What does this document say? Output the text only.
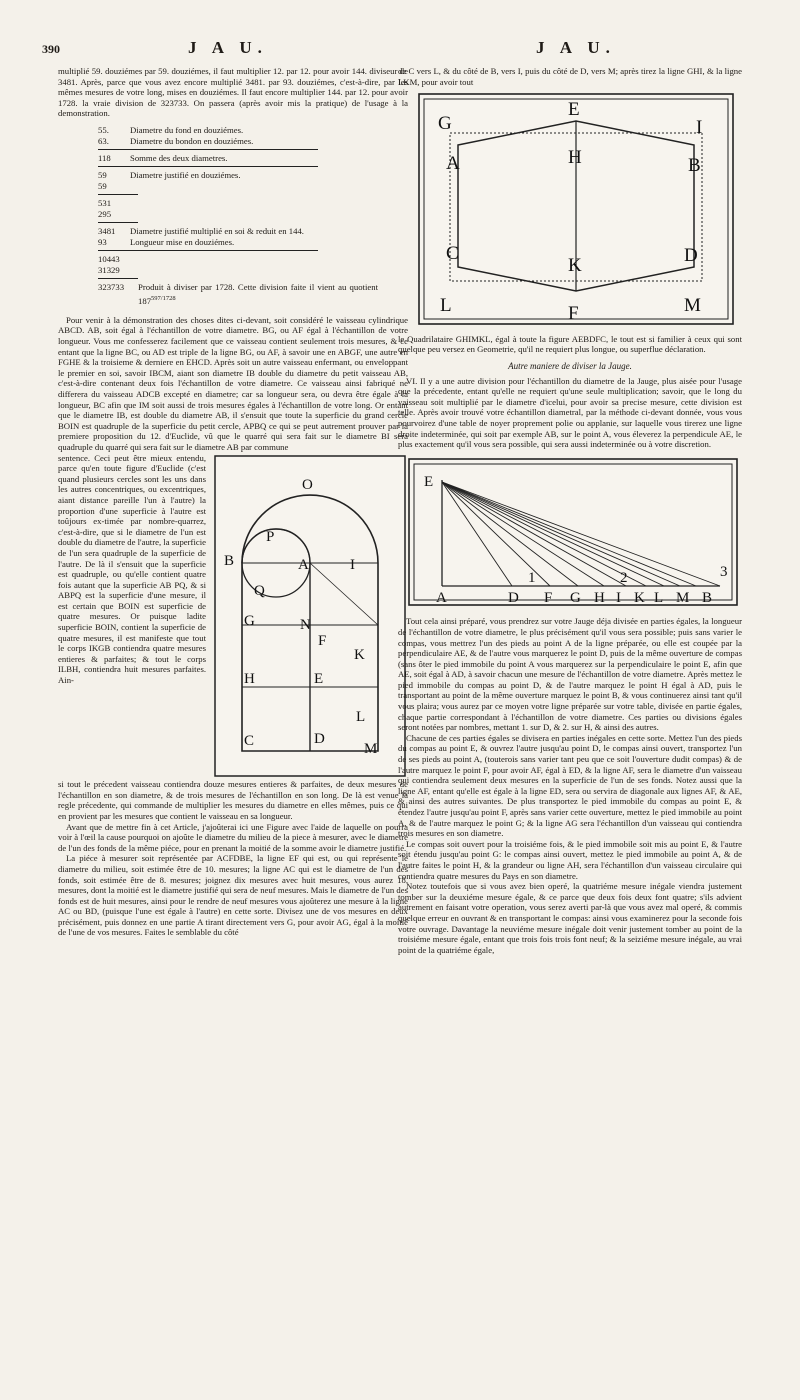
390	J A U.	J A U.

multiplié 59. douziémes par 59. douziémes, il faut multiplier 12. par 12. pour avoir 144. diviseur de 3481. Après, parce que vous avez encore multiplié 3481. par 93. douziémes, c'est-à-dire, par les mêmes mesures de votre long, mises en douziémes. Il faut encore multiplier 144. par 12. pour avoir 1728. la vraie division de 323733. On passera (après avoir mis la pratique) de l'usage à la demonstration.

55.	Diametre du fond en douziémes.
63.	Diametre du bondon en douziémes.
118	Somme des deux diametres.
59	Diametre justifié en douziémes.
59
531
295
3481	Diametre justifié multiplié en soi & reduit en 144.
93	Longueur mise en douziémes.
10443
31329
323733	Produit à diviser par 1728. Cette division faite il vient au quotient $187^{597/1728}$

Pour venir à la démonstration des choses dites ci-devant, soit considéré le vaisseau cylindrique ABCD. AB, soit égal à l'échantillon de votre diametre. BG, ou AF égal à l'échantillon de votre longueur. Vous me confesserez facilement que ce vaisseau contient seulement trois mesures, & ce entant que la ligne BC, ou AD est triple de la ligne BG, ou AF, à savoir une en ABGF, une autre en FGHE & la troisieme & derniere en EHCD. Après soit un autre vaisseau enfermant, ou enveloppant le premier en soi, savoir IBCM, aiant son diametre IB double du diametre du petit vaisseau AB, c'est-à-dire contenant deux fois l'échantillon de votre diametre. Ce vaisseau ainsi fabriqué ne differera du vaisseau ADCB excepté en diametre; car sa longueur sera, ou devra être égale à la longueur, BC afin que IM soit aussi de trois mesures égales à l'échantillon de votre long. Or entant que le diametre IB, est double du diametre AB, il s'ensuit que toute la superficie du grand cercle BOIN est quadruple de la superficie du petit cercle, APBQ ce qui se peut autrement prouver par la premiere proposition du 12. d'Euclide, vû que le quarré qui sera fait sur le diametre BI sera quadruple du quarré qui sera fait sur le diametre AB par commune

sentence. Ceci peut être mieux entendu, parce qu'en toute figure d'Euclide (c'est quand plusieurs cercles sont les uns dans les autres concentriques, ou excentriques, aiant distance pareille l'un à l'autre) la proportion d'une superficie à l'autre est toûjours ex-timée par nombre-quarrez, c'est-à-dire, que si le diametre de l'un est double du diametre de l'autre, la superficie de l'un sera quadruple de la superficie de l'autre. De là il s'ensuit que la superficie est quadruple, ou qu'elle contient quatre fois autant que la superficie AB PQ, & si ABPQ est la superficie d'une mesure, il est certain que BOIN est superficie de quatre mesures. Or puisque ladite superficie BOIN, contient la superficie de quatre mesures, il est manifeste que tout le corps IKGB contiendra quatre mesures entieres & parfaites; & tout le corps ILBH, contiendra huit mesures parfaites. Ain-
O
P
B	A	I
Q
N
G
F
K
H	E
L
C	D
M

si tout le précedent vaisseau contiendra douze mesures entieres & parfaites, de deux mesures de l'échantillon en son diametre, & de trois mesures de l'échantillon en son long. De là est venue la regle précedente, qui commande de multiplier les mesures du diametre en elles mêmes, puis ce qui en provient par les mesures que contient le vaisseau en sa longueur.

Avant que de mettre fin à cet Article, j'ajoûterai ici une Figure avec l'aide de laquelle on pourra voir à l'œil la cause pourquoi on ajoûte le diametre du milieu de la piece à mesurer, avec le diametre de l'un des fonds de la même piéce, pour en prenant la moitié de la somme avoir le diametre justifié.

La piéce à mesurer soit représentée par ACFDBE, la ligne EF qui est, ou qui représente le diametre du milieu, soit estimée être de 10. mesures; la ligne AC qui est le diametre de l'un des fonds, soit estimée être de 8. mesures; joignez dix mesures avec huit mesures, vous aurez 18. mesures, dont la moitié est le diametre justifié qui sera de neuf mesures. Mais le diametre de l'un des fonds est de huit mesures, ainsi pour le rendre de neuf mesures vous ajoûterez une mesure à la ligne AC ou BD, (puisque l'une est égale à l'autre) en cette sorte. Divisez une de vos mesures en deux précisément, puis donnez en une partie A tirant directement vers G, pour avoir AG, égal à la moitié de l'une de vos mesures. Faites le semblable du côté

de C vers L, & du côté de B, vers I, puis du côté de D, vers M; après tirez la ligne GHI, & la ligne LKM, pour avoir tout

G
E
I
A	H	B
C
K	D
L	F	M

le Quadrilataire GHIMKL, égal à toute la figure AEBDFC, le tout est si familier à ceux qui sont quelque peu versez en Geometrie, qu'il ne requiert plus longue, ou superflue déclaration.

Autre maniere de diviser la Jauge.

VI. Il y a une autre division pour l'échantillon du diametre de la Jauge, plus aisée pour l'usage que la précedente, entant qu'elle ne requiert qu'une seule multiplication; savoir, que le long du vaisseau soit multiplié par le diametre d'icelui, pour avoir sa precise mesure, cette division est telle. Après avoir trouvé votre échantillon diametral, par la méthode ci-devant donnée, vous vous pourvoirez d'une table de noyer proprement polie ou applanie, sur laquelle vous tirerez une ligne droite indeterminée, qui soit par exemple AB, sur le point A, vous éleverez la perpendicule AE, le plus exactement qu'il vous sera possible, qui sera aussi indeterminée ou à votre discretion.

E
A	D F G H I K L M B
1	2	3

Tout cela ainsi préparé, vous prendrez sur votre Jauge déja divisée en parties égales, la longueur de l'échantillon de votre diametre, le plus précisément qu'il vous sera possible; puis sans varier le compas, vous mettrez l'un des pieds au point A de la ligne préparée, ou elle est coupée par la perpendiculaire AE, & de l'autre vous marquerez le point D, puis de la même ouverture de compas (sans ôter le pied immobile du point A vous marquerez sur la perpendiculaire le point E, afin que AE, soit égal à AD, à savoir chacun une mesure de l'échantillon de votre diametre. Après mettez le pied immobile du compas au point D, & de l'autre marquez le point H égal à AD, puis le transportant au point de la même ouverture marquez le point B, & vous continuerez ainsi tant qu'il vous plaira; vous aurez par ce moyen votre ligne préparée sur votre table, divisée en partie égales, chaque partie correspondant à l'échantillon de votre diametre. Ces parties ou divisions égales seront notées par nombres, mettant 1. sur D, & 2. sur H, & ainsi des autres.

Chacune de ces parties égales se divisera en parties inégales en cette sorte. Mettez l'un des pieds du compas au point E, & ouvrez l'autre jusqu'au point D, le compas ainsi ouvert, transportez l'un de ses pieds au point A, (touterois sans varier tant peu que ce soit l'ouverture dudit compas) & de l'autre marquez le point F, pour avoir AF, égal à ED, & la ligne AF, sera le diametre d'un vaisseau qui contiendra seulement deux mesures en la superficie de l'un de ses fonds. Notez aussi que la ligne AF, entant qu'elle est égale à la ligne ED, sera ou servira de diagonale aux lignes AF, & AE, & ainsi des autres suivantes. De plus transportez le pied immobile du compas au point E, & étendez l'autre jusqu'au point F, après sans varier cette ouverture, mettez le pied immobile au point A, & de l'autre marquez le point G; & la ligne AG sera l'échantillon d'un vaisseau qui contiendra trois mesures en son diametre.

Le compas soit ouvert pour la troisiéme fois, & le pied immobile soit mis au point E, & l'autre soit étendu jusqu'au point G: le compas ainsi ouvert, mettez le pied immobile au point A, & de l'autre faites le point H, & la grandeur ou ligne AH, sera l'échantillon d'un vaisseau circulaire qui contiendra quatre mesures du Pays en son diametre.

Notez toutefois que si vous avez bien operé, la quatriéme mesure inégale viendra justement tomber sur la deuxiéme mesure égale, & ce parce que deux fois deux font quatre; s'ils advient autrement en faisant votre operation, vous serez averti par-là que vous avez mal operé, & commis quelque erreur en ouvrant & en transportant le compas: ainsi vous examinerez pour la seconde fois votre ouvrage. Davantage la neuviéme mesure inégale doit venir justement tomber au point de la troisiéme mesure égale, entant que trois fois trois font neuf; & la seiziéme mesure inégale, au vrai point de la quatriéme égale,
